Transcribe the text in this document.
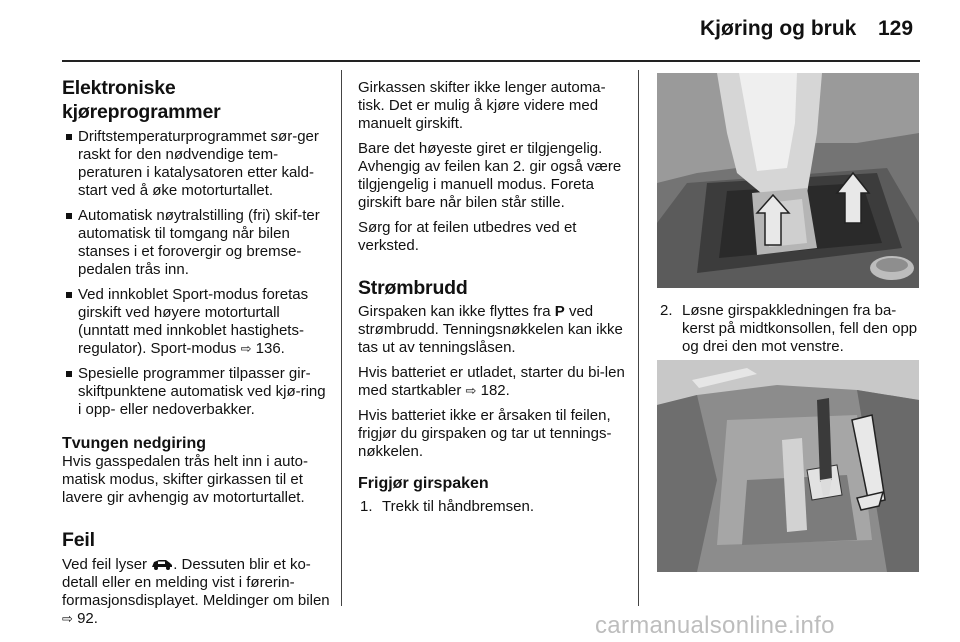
Kjøring og bruk 129
Elektroniske kjøreprogrammer
Driftstemperaturprogrammet sør-ger raskt for den nødvendige tem-peraturen i katalysatoren etter kald-start ved å øke motorturtallet.
Automatisk nøytralstilling (fri) skif-ter automatisk til tomgang når bilen stanses i et forovergir og bremse-pedalen trås inn.
Ved innkoblet Sport-modus foretas girskift ved høyere motorturtall (unntatt med innkoblet hastighets-regulator). Sport-modus ⇨ 136.
Spesielle programmer tilpasser gir-skiftpunktene automatisk ved kjø-ring i opp- eller nedoverbakker.
Tvungen nedgiring

Hvis gasspedalen trås helt inn i auto-matisk modus, skifter girkassen til et lavere gir avhengig av motorturtallet.

Feil

Ved feil lyser . Dessuten blir et ko-detall eller en melding vist i førerin-formasjonsdisplayet. Meldinger om bilen ⇨ 92.

Girkassen skifter ikke lenger automa-tisk. Det er mulig å kjøre videre med manuelt girskift.

Bare det høyeste giret er tilgjengelig. Avhengig av feilen kan 2. gir også være tilgjengelig i manuell modus. Foreta girskift bare når bilen står stille.

Sørg for at feilen utbedres ved et verksted.

Strømbrudd

Girspaken kan ikke flyttes fra P ved strømbrudd. Tenningsnøkkelen kan ikke tas ut av tenningslåsen.

Hvis batteriet er utladet, starter du bi-len med startkabler ⇨ 182.

Hvis batteriet ikke er årsaken til feilen, frigjør du girspaken og tar ut tennings-nøkkelen.

Frigjør girspaken
1. Trekk til håndbremsen.
2. Løsne girspakkledningen fra ba-kerst på midtkonsollen, fell den opp og drei den mot venstre.
carmanualsonline.info
